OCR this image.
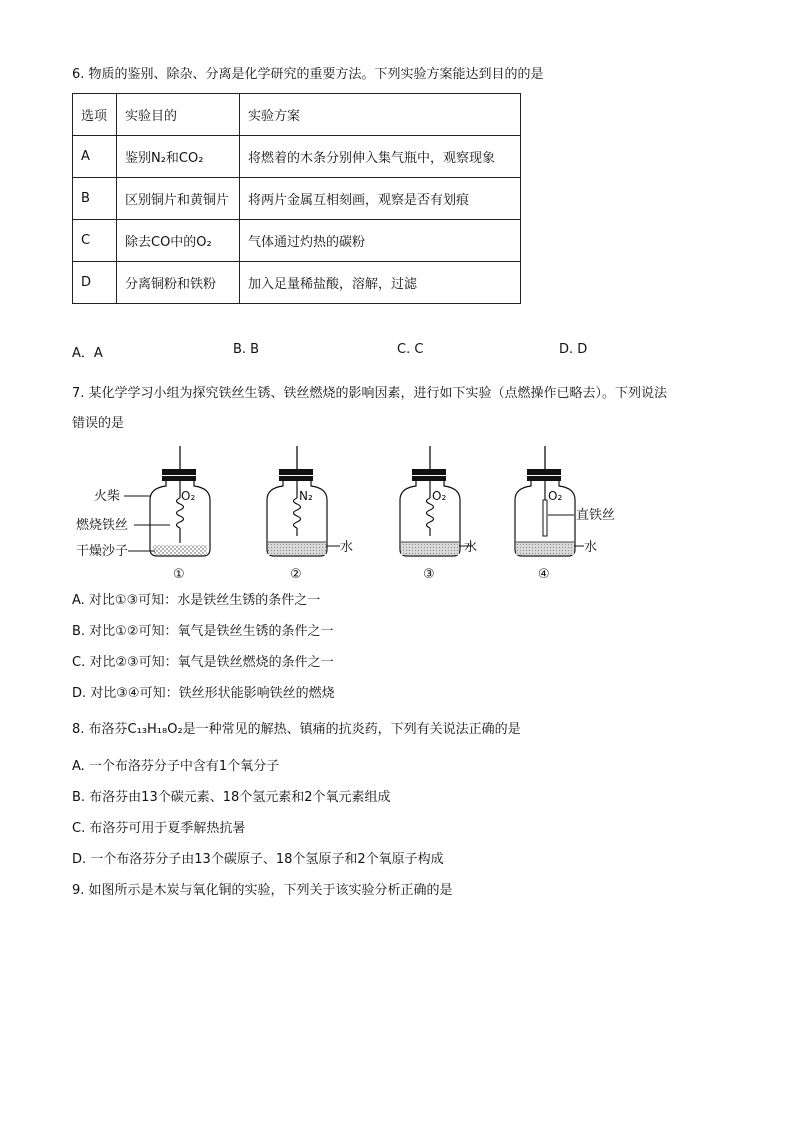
6. 物质的鉴别、除杂、分离是化学研究的重要方法。下列实验方案能达到目的的是
选项	实验目的	实验方案
A	鉴别N₂和CO₂	将燃着的木条分别伸入集气瓶中，观察现象
B	区别铜片和黄铜片	将两片金属互相刻画，观察是否有划痕
C	除去CO中的O₂	气体通过灼热的碳粉
D	分离铜粉和铁粉	加入足量稀盐酸，溶解，过滤
A．A	B. B	C. C	D. D
7. 某化学学习小组为探究铁丝生锈、铁丝燃烧的影响因素，进行如下实验（点燃操作已略去）。下列说法
错误的是
火柴
燃烧铁丝
干燥沙子
O₂	N₂	O₂	O₂
水	水	水
直铁丝
①	②	③	④
A. 对比①③可知：水是铁丝生锈的条件之一
B. 对比①②可知：氧气是铁丝生锈的条件之一
C. 对比②③可知：氧气是铁丝燃烧的条件之一
D. 对比③④可知：铁丝形状能影响铁丝的燃烧
8. 布洛芬C₁₃H₁₈O₂是一种常见的解热、镇痛的抗炎药，下列有关说法正确的是
A. 一个布洛芬分子中含有1个氧分子
B. 布洛芬由13个碳元素、18个氢元素和2个氧元素组成
C. 布洛芬可用于夏季解热抗暑
D. 一个布洛芬分子由13个碳原子、18个氢原子和2个氧原子构成
9. 如图所示是木炭与氧化铜的实验，下列关于该实验分析正确的是
